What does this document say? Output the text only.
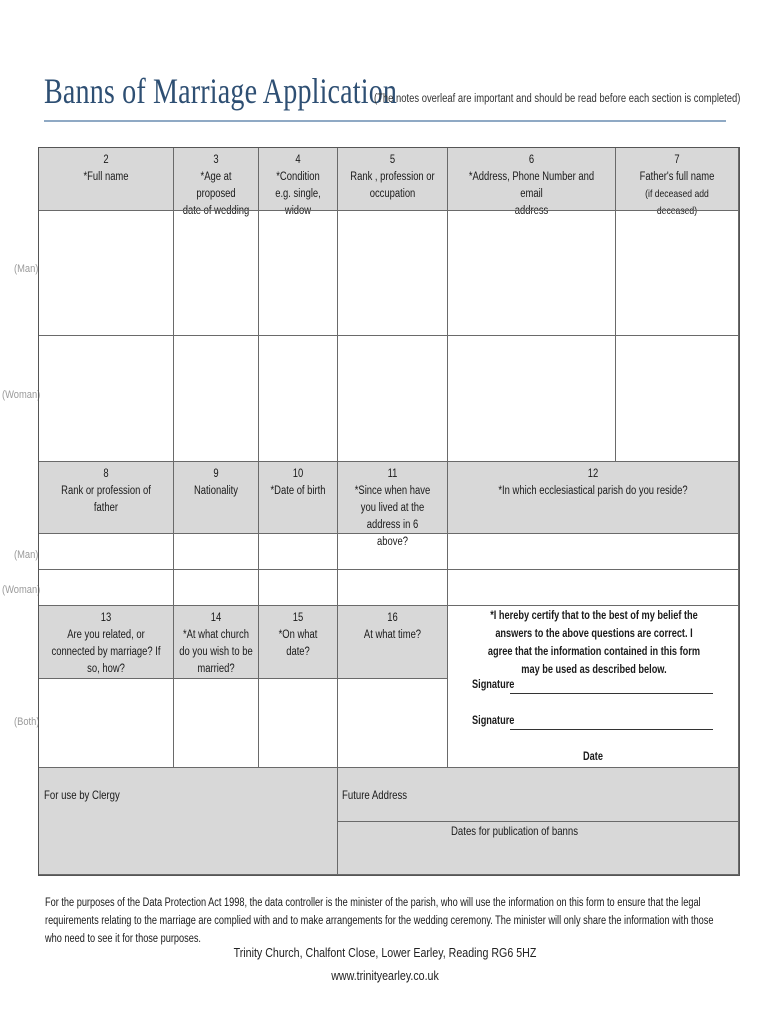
Banns of Marriage Application
(The notes overleaf are important and should be read before each section is completed)
(Man)
(Woman)
(Man)
(Woman)
(Both)
2
*Full name
3
*Age at proposed
date of wedding
4
*Condition
e.g. single, widow
5
Rank , profession or
occupation
6
*Address, Phone Number and email
address
7
Father's full name
(if deceased add deceased)
8
Rank or profession of father
9
Nationality
10
*Date of birth
11
*Since when have you lived at the address in 6 above?
12
*In which ecclesiastical parish do you reside?
13
Are you related, or connected by marriage? If so, how?
14
*At what church do you wish to be married?
15
*On what date?
16
At what time?
*I hereby certify that to the best of my belief the answers to the above questions are correct. I agree that the information contained in this form may be used as described below.
Signature
Signature
Date
For use by Clergy	Future Address
Dates for publication of banns
For the purposes of the Data Protection Act 1998, the data controller is the minister of the parish, who will use the information on this form to ensure that the legal requirements relating to the marriage are complied with and to make arrangements for the wedding ceremony. The minister will only share the information with those who need to see it for those purposes.
Trinity Church, Chalfont Close, Lower Earley, Reading RG6 5HZ
www.trinityearley.co.uk
